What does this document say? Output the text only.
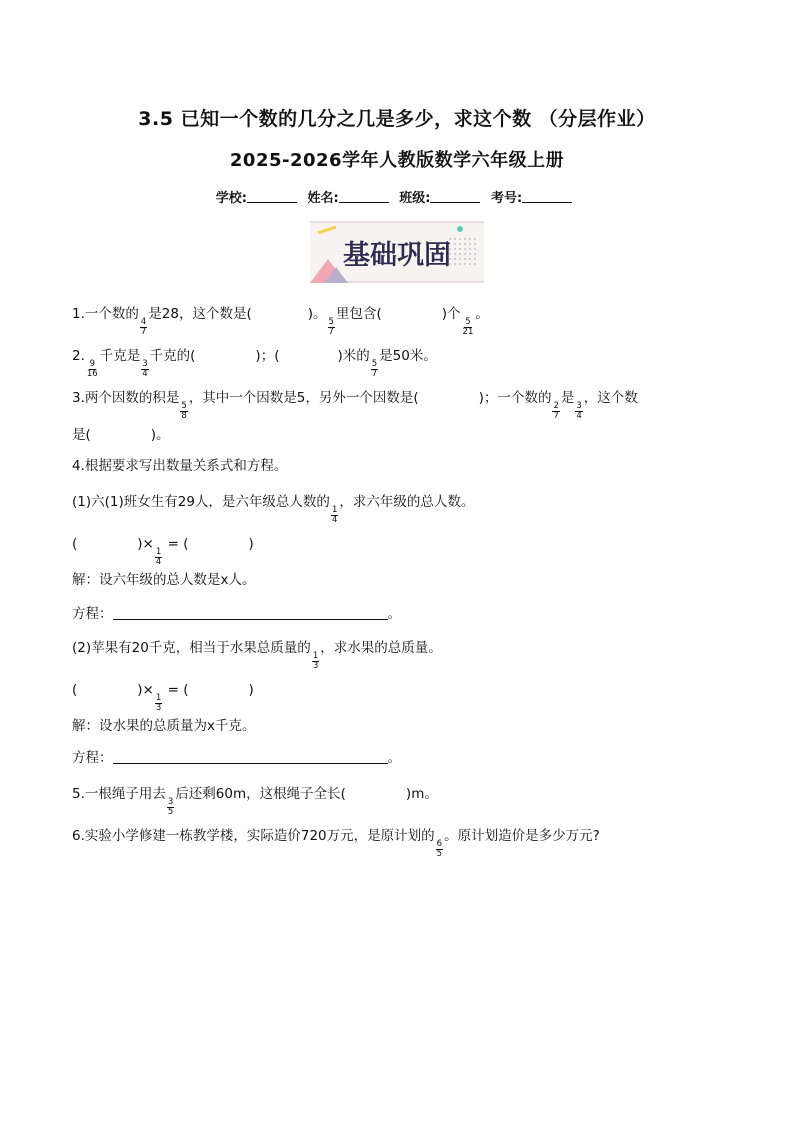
3.5 已知一个数的几分之几是多少，求这个数 （分层作业）
2025-2026学年人教版数学六年级上册
学校:	姓名:	班级:	考号:
基础巩固
1.一个数的
$\frac{4}{7}$
是28，这个数是(	)。
$\frac{5}{7}$
里包含(	)个
$\frac{5}{21}$
。
2.
$\frac{9}{16}$
千克是
$\frac{3}{4}$
千克的(	)；(	)米的
$\frac{5}{7}$
是50米。
3.两个因数的积是
$\frac{5}{8}$
，其中一个因数是5，另外一个因数是(	)；一个数的
$\frac{2}{7}$
是
$\frac{3}{4}$
，这个数
是(	)。
4.根据要求写出数量关系式和方程。
(1)六(1)班女生有29人，是六年级总人数的
$\frac{1}{4}$
，求六年级的总人数。
(	)×
$\frac{1}{4}$
= (	)
解：设六年级的总人数是x人。
方程：	。
(2)苹果有20千克，相当于水果总质量的
$\frac{1}{3}$
，求水果的总质量。
(	)×
$\frac{1}{3}$
= (	)
解：设水果的总质量为x千克。
方程：	。
5.一根绳子用去
$\frac{3}{5}$
后还剩60m，这根绳子全长(	)m。
6.实验小学修建一栋教学楼，实际造价720万元，是原计划的
$\frac{6}{5}$
。原计划造价是多少万元?
